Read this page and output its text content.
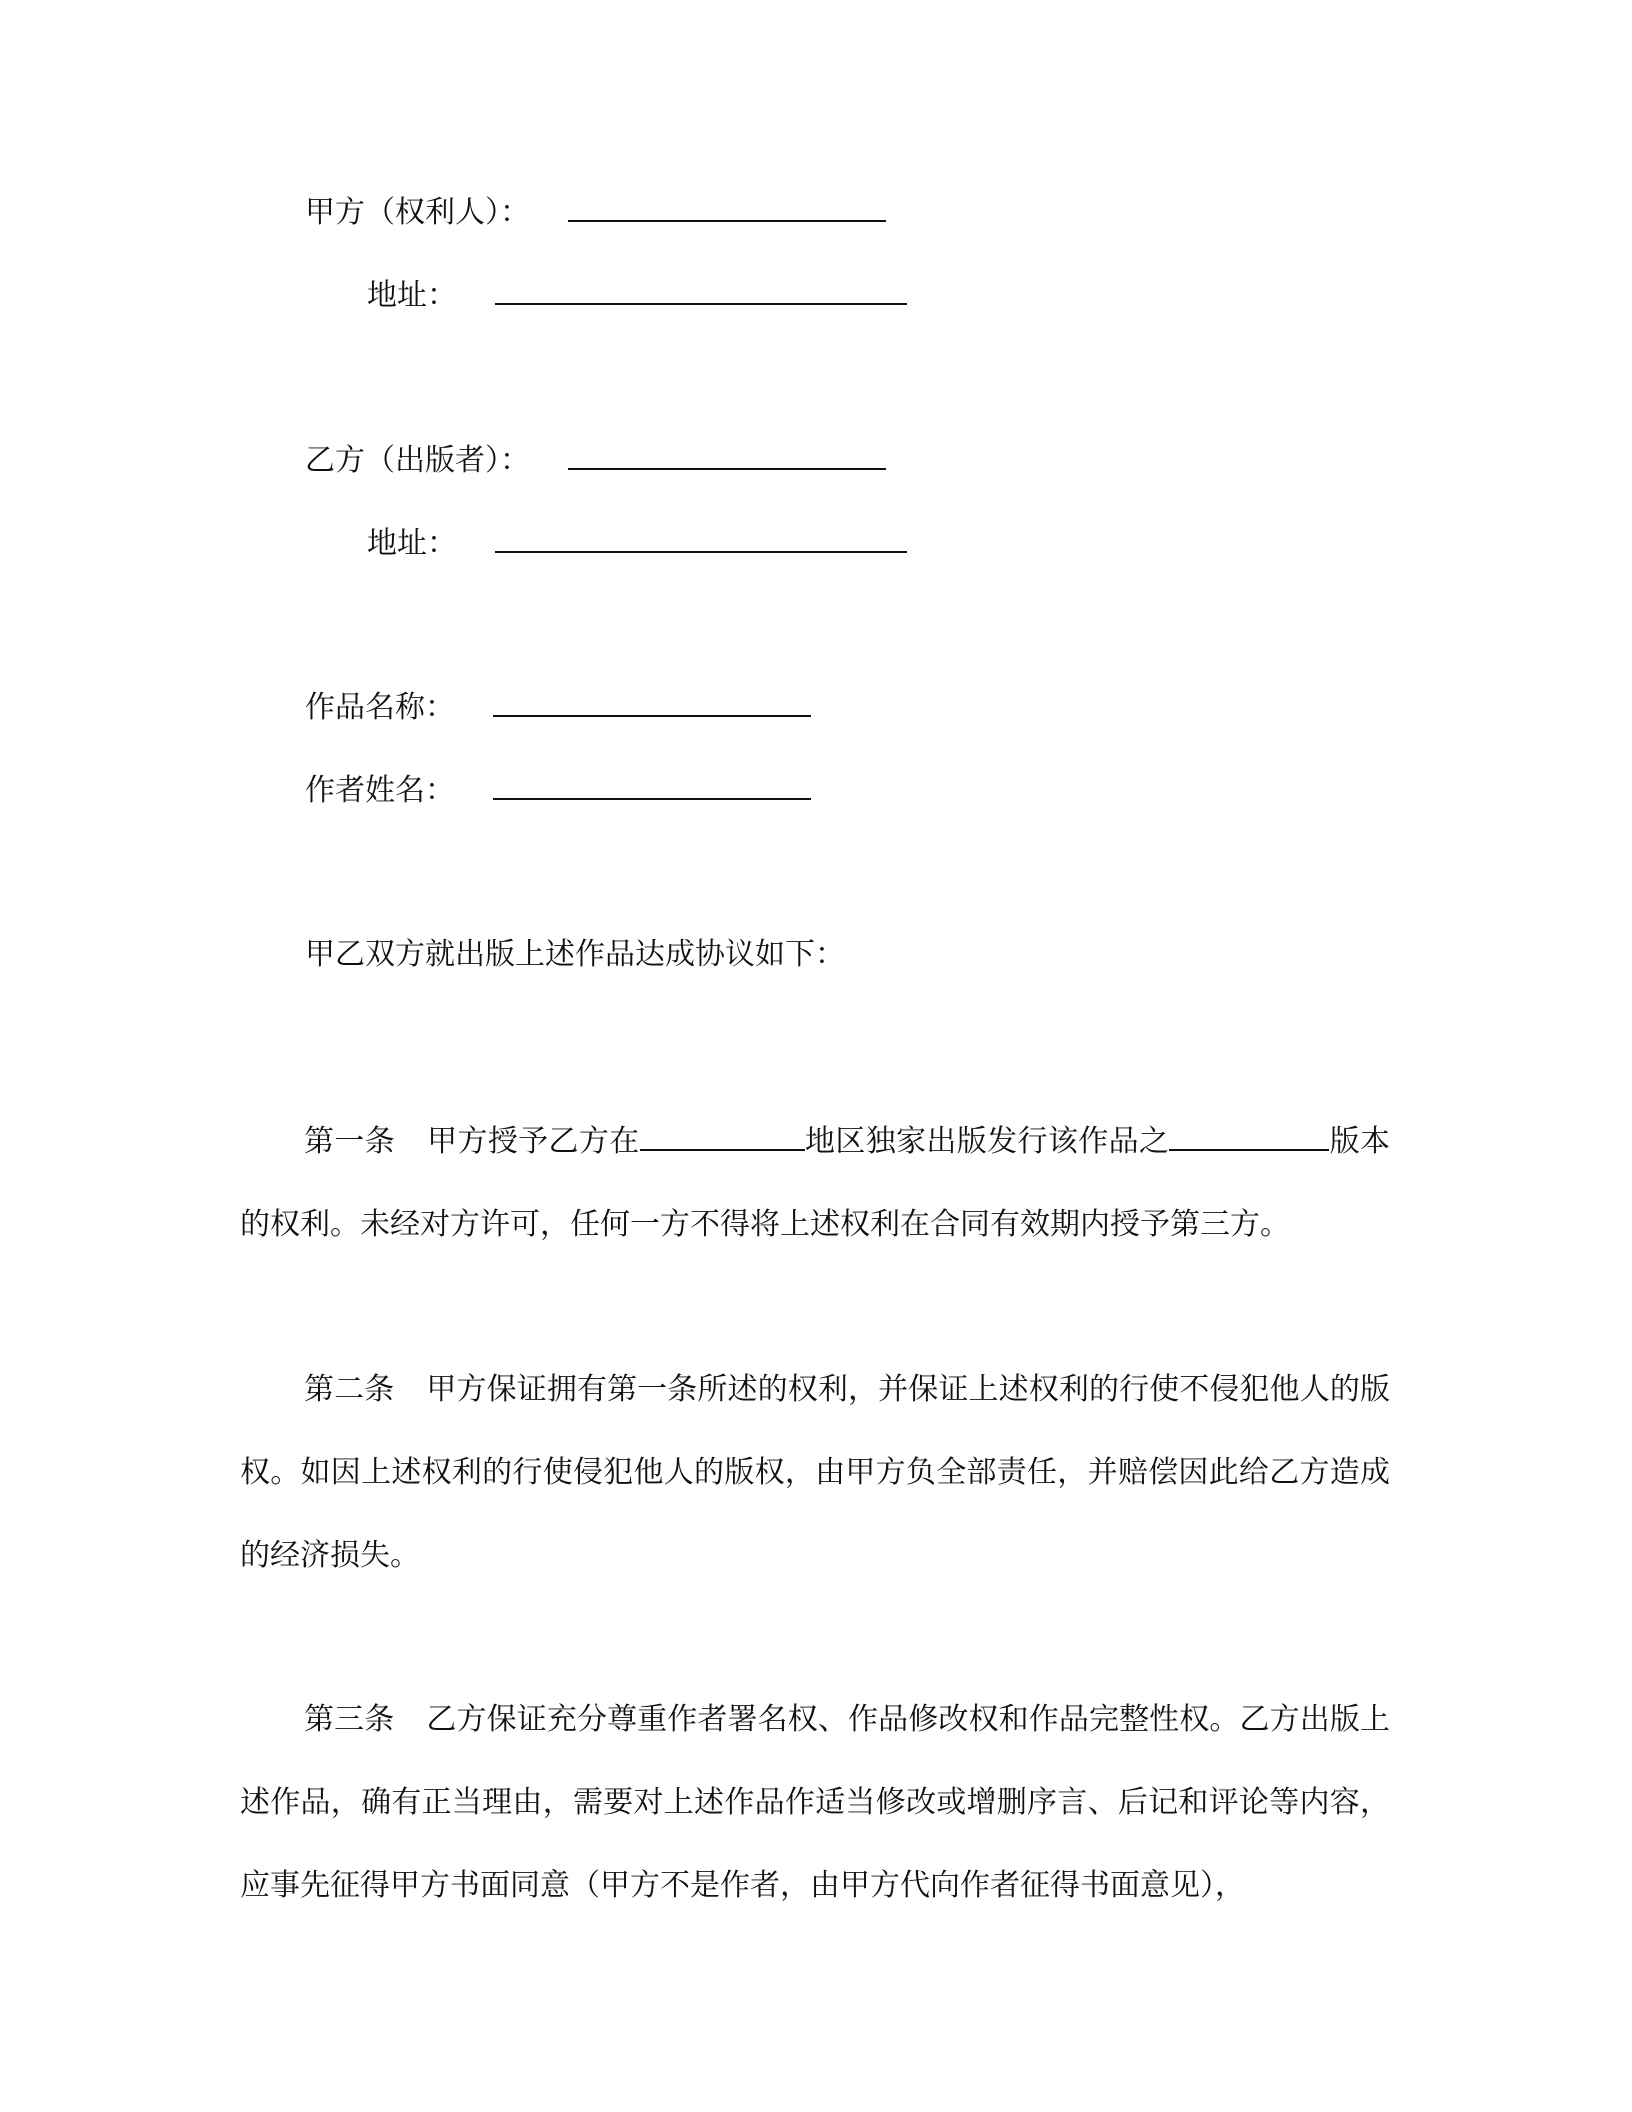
甲方（权利人）：
地址：
乙方（出版者）：
地址：
作品名称：
作者姓名：
甲乙双方就出版上述作品达成协议如下：
第一条 甲方授予乙方在	地区独家出版发行该作品之	版本的权利。未经对方许可，任何一方不得将上述权利在合同有效期内授予第三方。
第二条 甲方保证拥有第一条所述的权利，并保证上述权利的行使不侵犯他人的版权。如因上述权利的行使侵犯他人的版权，由甲方负全部责任，并赔偿因此给乙方造成的经济损失。
第三条 乙方保证充分尊重作者署名权、作品修改权和作品完整性权。乙方出版上述作品，确有正当理由，需要对上述作品作适当修改或增删序言、后记和评论等内容，应事先征得甲方书面同意（甲方不是作者，由甲方代向作者征得书面意见），
